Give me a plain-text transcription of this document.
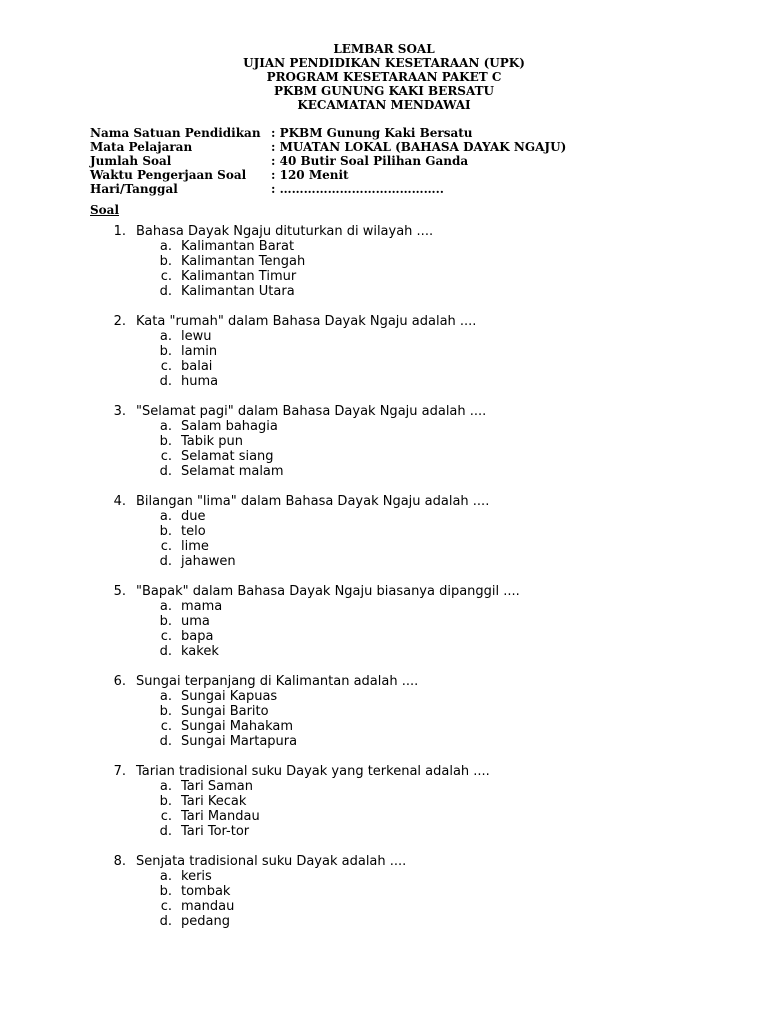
LEMBAR SOAL
UJIAN PENDIDIKAN KESETARAAN (UPK)
PROGRAM KESETARAAN PAKET C
PKBM GUNUNG KAKI BERSATU
KECAMATAN MENDAWAI
Nama Satuan Pendidikan : PKBM Gunung Kaki Bersatu
Mata Pelajaran	: MUATAN LOKAL (BAHASA DAYAK NGAJU)
Jumlah Soal	: 40 Butir Soal Pilihan Ganda
Waktu Pengerjaan Soal : 120 Menit
Hari/Tanggal	: …………………………………..
Soal
1. Bahasa Dayak Ngaju dituturkan di wilayah ....
a. Kalimantan Barat
b. Kalimantan Tengah
c. Kalimantan Timur
d. Kalimantan Utara
2. Kata "rumah" dalam Bahasa Dayak Ngaju adalah ....
a. lewu
b. lamin
c. balai
d. huma
3. "Selamat pagi" dalam Bahasa Dayak Ngaju adalah ....
a. Salam bahagia
b. Tabik pun
c. Selamat siang
d. Selamat malam
4. Bilangan "lima" dalam Bahasa Dayak Ngaju adalah ....
a. due
b. telo
c. lime
d. jahawen
5. "Bapak" dalam Bahasa Dayak Ngaju biasanya dipanggil ....
a. mama
b. uma
c. bapa
d. kakek
6. Sungai terpanjang di Kalimantan adalah ....
a. Sungai Kapuas
b. Sungai Barito
c. Sungai Mahakam
d. Sungai Martapura
7. Tarian tradisional suku Dayak yang terkenal adalah ....
a. Tari Saman
b. Tari Kecak
c. Tari Mandau
d. Tari Tor-tor
8. Senjata tradisional suku Dayak adalah ....
a. keris
b. tombak
c. mandau
d. pedang
